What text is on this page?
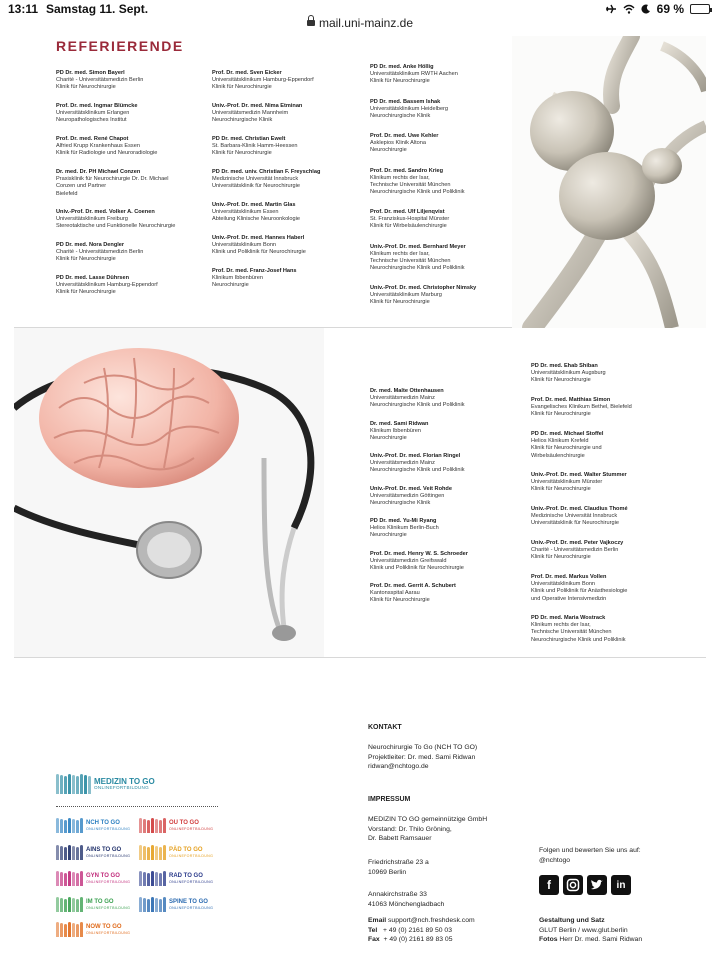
13:11 Samstag 11. Sept.	69 %
mail.uni-mainz.de
REFERIERENDE
PD Dr. med. Simon Bayerl
Charité - Universitätsmedizin Berlin
Klinik für Neurochirurgie
Prof. Dr. med. Ingmar Blümcke
Universitätsklinikum Erlangen
Neuropathologisches Institut
Prof. Dr. med. René Chapot
Alfried Krupp Krankenhaus Essen
Klinik für Radiologie und Neuroradiologie
Dr. med. Dr. PH Michael Conzen
Praxisklinik für Neurochirurgie Dr. Dr. Michael
Conzen und Partner
Bielefeld
Univ.-Prof. Dr. med. Volker A. Coenen
Universitätsklinikum Freiburg
Stereotaktische und Funktionelle Neurochirurgie
PD Dr. med. Nora Dengler
Charité - Universitätsmedizin Berlin
Klinik für Neurochirurgie
PD Dr. med. Lasse Dührsen
Universitätsklinikum Hamburg-Eppendorf
Klinik für Neurochirurgie
Prof. Dr. med. Sven Eicker
Universitätsklinikum Hamburg-Eppendorf
Klinik für Neurochirurgie
Univ.-Prof. Dr. med. Nima Etminan
Universitätsmedizin Mannheim
Neurochirurgische Klinik
PD Dr. med. Christian Ewelt
St. Barbara-Klinik Hamm-Heessen
Klinik für Neurochirurgie
PD Dr. med. univ. Christian F. Freyschlag
Medizinische Universität Innsbruck
Universitätsklinik für Neurochirurgie
Univ.-Prof. Dr. med. Martin Glas
Universitätsklinikum Essen
Abteilung Klinische Neuroonkologie
Univ.-Prof. Dr. med. Hannes Haberl
Universitätsklinikum Bonn
Klinik und Poliklinik für Neurochirurgie
Prof. Dr. med. Franz-Josef Hans
Klinikum Ibbenbüren
Neurochirurgie
PD Dr. med. Anke Höllig
Universitätsklinikum RWTH Aachen
Klinik für Neurochirurgie
PD Dr. med. Bassem Ishak
Universitätsklinikum Heidelberg
Neurochirurgische Klinik
Prof. Dr. med. Uwe Kehler
Asklepios Klinik Altona
Neurochirurgie
Prof. Dr. med. Sandro Krieg
Klinikum rechts der Isar,
Technische Universität München
Neurochirurgische Klinik und Poliklinik
Prof. Dr. med. Ulf Liljenqvist
St. Franziskus-Hospital Münster
Klinik für Wirbelsäulenchirurgie
Univ.-Prof. Dr. med. Bernhard Meyer
Klinikum rechts der Isar,
Technische Universität München
Neurochirurgische Klinik und Poliklinik
Univ.-Prof. Dr. med. Christopher Nimsky
Universitätsklinikum Marburg
Klinik für Neurochirurgie
Dr. med. Malte Ottenhausen
Universitätsmedizin Mainz
Neurochirurgische Klinik und Poliklinik
Dr. med. Sami Ridwan
Klinikum Ibbenbüren
Neurochirurgie
Univ.-Prof. Dr. med. Florian Ringel
Universitätsmedizin Mainz
Neurochirurgische Klinik und Poliklinik
Univ.-Prof. Dr. med. Veit Rohde
Universitätsmedizin Göttingen
Neurochirurgische Klinik
PD Dr. med. Yu-Mi Ryang
Helios Klinikum Berlin-Buch
Neurochirurgie
Prof. Dr. med. Henry W. S. Schroeder
Universitätsmedizin Greifswald
Klinik und Poliklinik für Neurochirurgie
Prof. Dr. med. Gerrit A. Schubert
Kantonsspital Aarau
Klinik für Neurochirurgie
PD Dr. med. Ehab Shiban
Universitätsklinikum Augsburg
Klinik für Neurochirurgie
Prof. Dr. med. Matthias Simon
Evangelisches Klinikum Bethel, Bielefeld
Klinik für Neurochirurgie
PD Dr. med. Michael Stoffel
Helios Klinikum Krefeld
Klinik für Neurochirurgie und
Wirbelsäulenchirurgie
Univ.-Prof. Dr. med. Walter Stummer
Universitätsklinikum Münster
Klinik für Neurochirurgie
Univ.-Prof. Dr. med. Claudius Thomé
Medizinische Universität Innsbruck
Universitätsklinik für Neurochirurgie
Univ.-Prof. Dr. med. Peter Vajkoczy
Charité - Universitätsmedizin Berlin
Klinik für Neurochirurgie
Prof. Dr. med. Markus Vollen
Universitätsklinikum Bonn
Klinik und Poliklinik für Anästhesiologie
und Operative Intensivmedizin
PD Dr. med. Maria Wostrack
Klinikum rechts der Isar,
Technische Universität München
Neurochirurgische Klinik und Poliklinik
KONTAKT
Neurochirurgie To Go (NCH TO GO)
Projektleiter: Dr. med. Sami Ridwan
ridwan@nchtogo.de
IMPRESSUM
MEDIZIN TO GO gemeinnützige GmbH
Vorstand: Dr. Thilo Gröning,
Dr. Babett Ramsauer
Friedrichstraße 23 a
10969 Berlin
Annakirchstraße 33
41063 Mönchengladbach
Email support@nch.freshdesk.com
Tel + 49 (0) 2161 89 50 03
Fax + 49 (0) 2161 89 83 05
Folgen und bewerten Sie uns auf:
@nchtogo
f	in
Gestaltung und Satz
GLUT Berlin / www.glut.berlin
Fotos Herr Dr. med. Sami Ridwan
MEDIZIN TO GO
ONLINEFORTBILDUNG
NCH TO GO
ONLINEFORTBILDUNG
OU TO GO
ONLINEFORTBILDUNG
AINS TO GO
ONLINEFORTBILDUNG
PÄD TO GO
ONLINEFORTBILDUNG
GYN TO GO
ONLINEFORTBILDUNG
RAD TO GO
ONLINEFORTBILDUNG
IM TO GO
ONLINEFORTBILDUNG
SPINE TO GO
ONLINEFORTBILDUNG
NOW TO GO
ONLINEFORTBILDUNG
